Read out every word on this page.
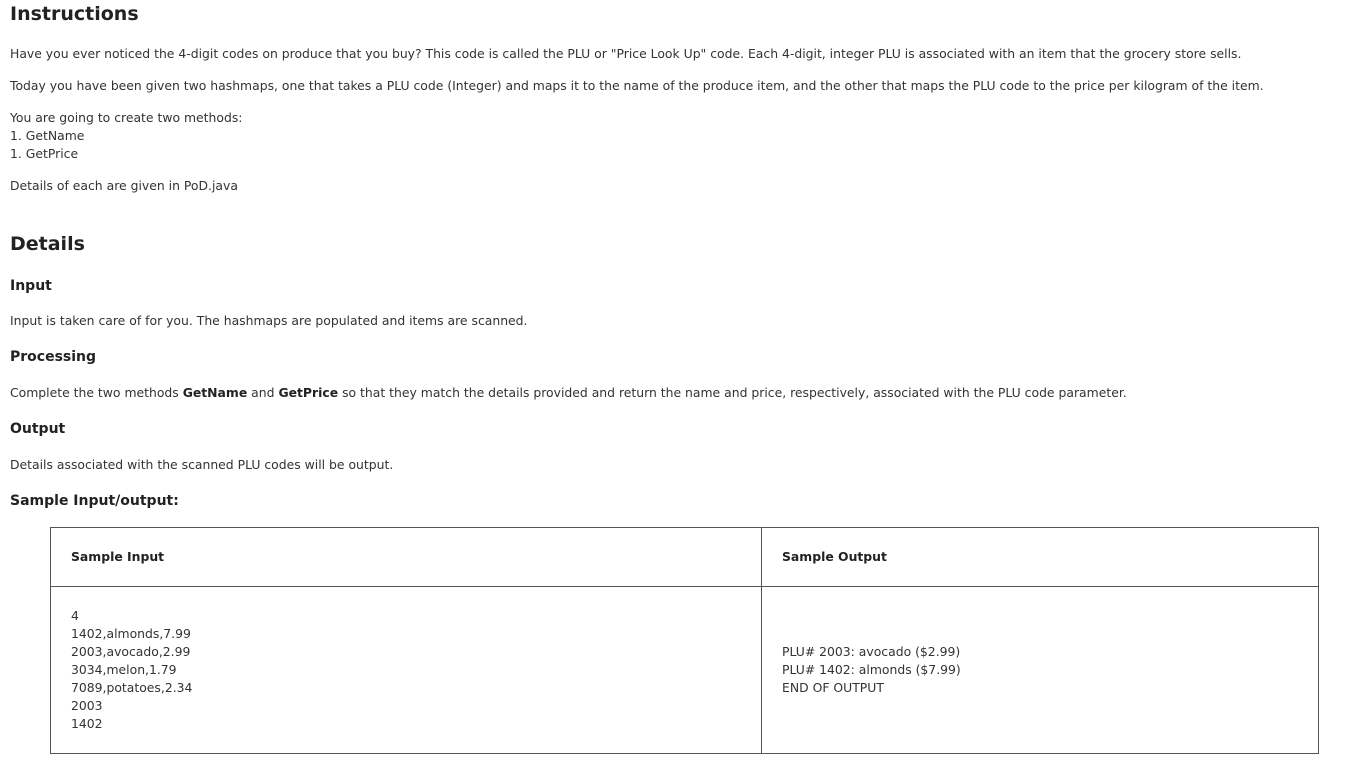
Instructions

Have you ever noticed the 4-digit codes on produce that you buy? This code is called the PLU or "Price Look Up" code. Each 4-digit, integer PLU is associated with an item that the grocery store sells.

Today you have been given two hashmaps, one that takes a PLU code (Integer) and maps it to the name of the produce item, and the other that maps the PLU code to the price per kilogram of the item.

You are going to create two methods:
1. GetName
1. GetPrice

Details of each are given in PoD.java

Details
Input

Input is taken care of for you. The hashmaps are populated and items are scanned.

Processing

Complete the two methods GetName and GetPrice so that they match the details provided and return the name and price, respectively, associated with the PLU code parameter.

Output

Details associated with the scanned PLU codes will be output.

Sample Input/output:
Sample Input	Sample Output
4
1402,almonds,7.99
2003,avocado,2.99
3034,melon,1.79
7089,potatoes,2.34
2003
1402
PLU# 2003: avocado ($2.99)
PLU# 1402: almonds ($7.99)
END OF OUTPUT
